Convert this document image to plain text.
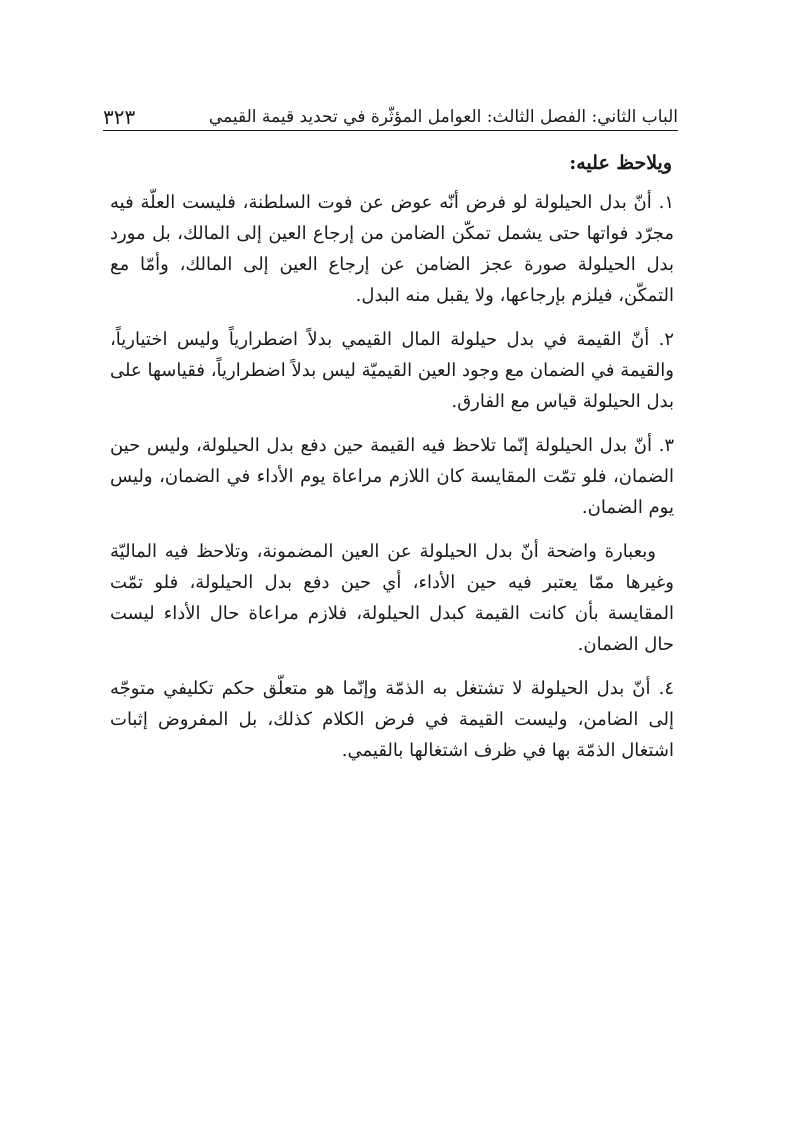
الباب الثاني: الفصل الثالث: العوامل المؤثّرة في تحديد قيمة القيمي
٣٢٣

ويلاحظ عليه:

١. أنّ بدل الحيلولة لو فرض أنّه عوض عن فوت السلطنة، فليست العلّة فيه مجرّد فواتها حتى يشمل تمكّن الضامن من إرجاع العين إلى المالك، بل مورد بدل الحيلولة صورة عجز الضامن عن إرجاع العين إلى المالك، وأمّا مع التمكّن، فيلزم بإرجاعها، ولا يقبل منه البدل.

٢. أنّ القيمة في بدل حيلولة المال القيمي بدلاً اضطرارياً وليس اختيارياً، والقيمة في الضمان مع وجود العين القيميّة ليس بدلاً اضطرارياً، فقياسها على بدل الحيلولة قياس مع الفارق.

٣. أنّ بدل الحيلولة إنّما تلاحظ فيه القيمة حين دفع بدل الحيلولة، وليس حين الضمان، فلو تمّت المقايسة كان اللازم مراعاة يوم الأداء في الضمان، وليس يوم الضمان.

وبعبارة واضحة أنّ بدل الحيلولة عن العين المضمونة، وتلاحظ فيه الماليّة وغيرها ممّا يعتبر فيه حين الأداء، أي حين دفع بدل الحيلولة، فلو تمّت المقايسة بأن كانت القيمة كبدل الحيلولة، فلازم مراعاة حال الأداء ليست حال الضمان.

٤. أنّ بدل الحيلولة لا تشتغل به الذمّة وإنّما هو متعلّق حكم تكليفي متوجّه إلى الضامن، وليست القيمة في فرض الكلام كذلك، بل المفروض إثبات اشتغال الذمّة بها في ظرف اشتغالها بالقيمي.
